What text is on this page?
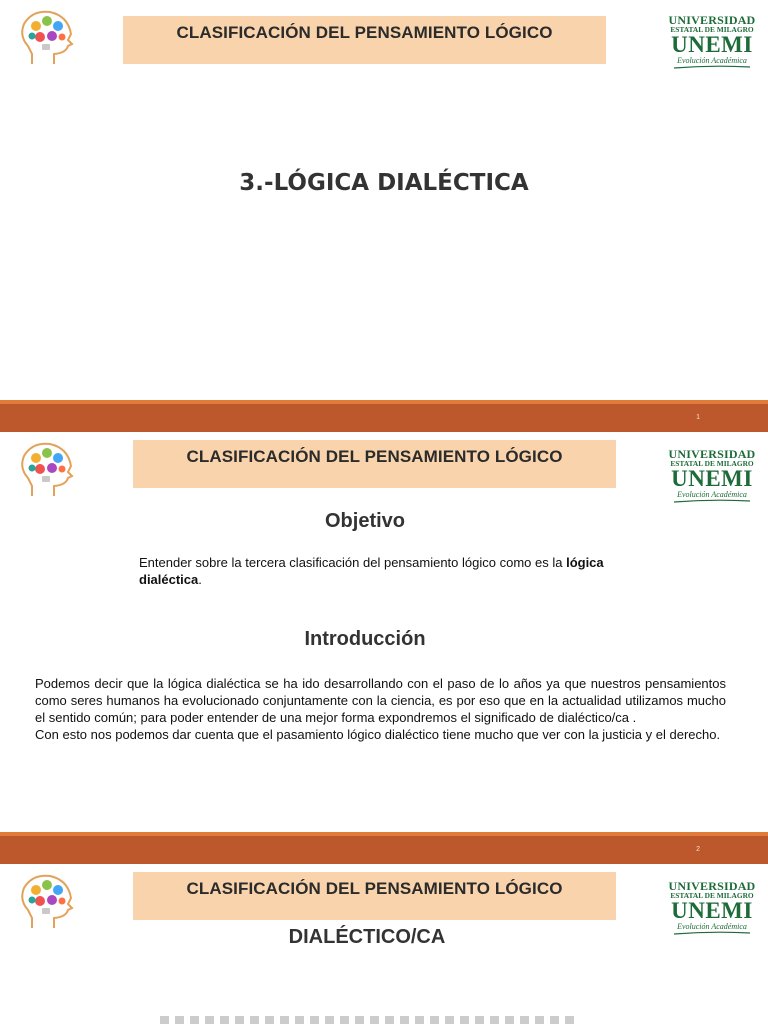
CLASIFICACIÓN DEL PENSAMIENTO LÓGICO
UNIVERSIDAD
ESTATAL DE MILAGRO
UNEMI
Evolución Académica
3.-LÓGICA DIALÉCTICA
1
CLASIFICACIÓN DEL PENSAMIENTO LÓGICO	UNIVERSIDAD
ESTATAL DE MILAGRO
UNEMI
Evolución Académica
Objetivo
Entender sobre la tercera clasificación del pensamiento lógico como es la lógica dialéctica.
Introducción

Podemos decir que la lógica dialéctica se ha ido desarrollando con el paso de lo años ya que nuestros pensamientos como seres humanos ha evolucionado conjuntamente con la ciencia, es por eso que en la actualidad utilizamos mucho el sentido común; para poder entender de una mejor forma expondremos el significado de dialéctico/ca .

Con esto nos podemos dar cuenta que el pasamiento lógico dialéctico tiene mucho que ver con la justicia y el derecho.

2
CLASIFICACIÓN DEL PENSAMIENTO LÓGICO	UNIVERSIDAD
ESTATAL DE MILAGRO
UNEMI
Evolución Académica
DIALÉCTICO/CA
